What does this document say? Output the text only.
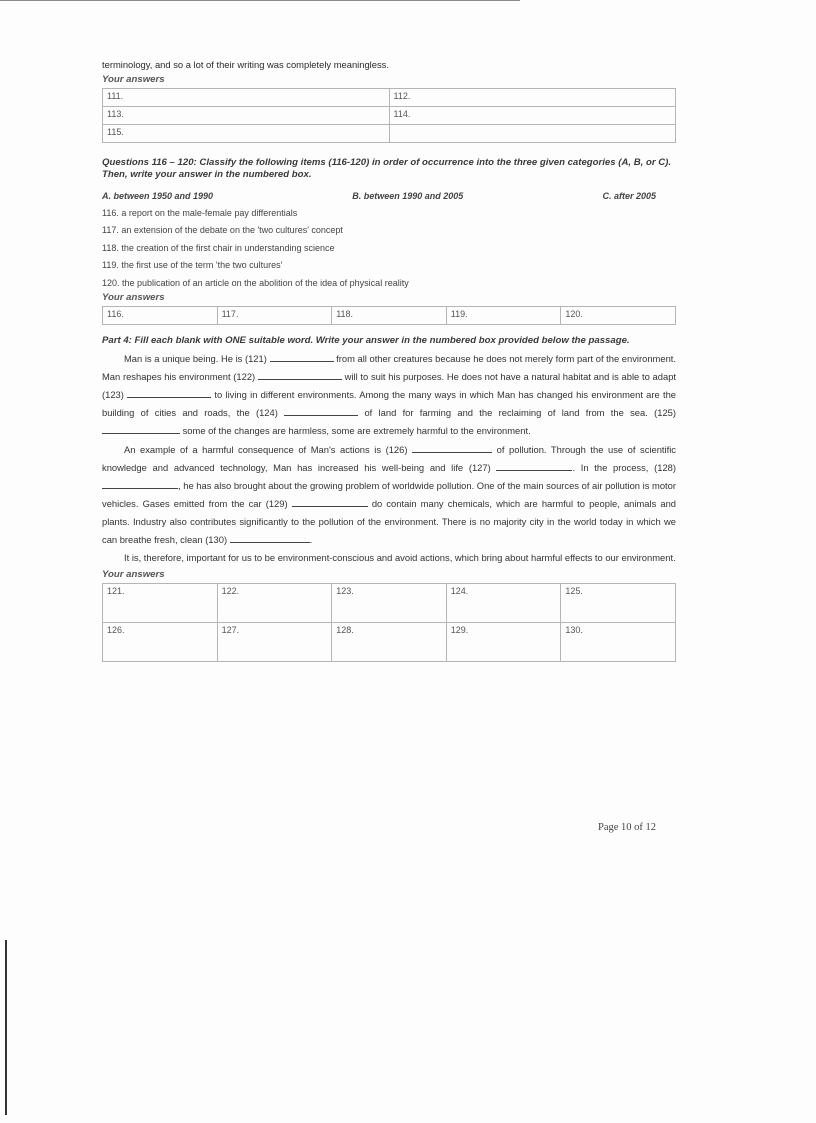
terminology, and so a lot of their writing was completely meaningless.
Your answers
111.	112.
113.	114.
115.	
Questions 116 – 120: Classify the following items (116-120) in order of occurrence into the three given categories (A, B, or C). Then, write your answer in the numbered box.
A. between 1950 and 1990	B. between 1990 and 2005	C. after 2005
116. a report on the male-female pay differentials
117. an extension of the debate on the 'two cultures' concept
118. the creation of the first chair in understanding science
119. the first use of the term 'the two cultures'
120. the publication of an article on the abolition of the idea of physical reality
Your answers
116.	117.	118.	119.	120.
Part 4: Fill each blank with ONE suitable word. Write your answer in the numbered box provided below the passage.
Man is a unique being. He is (121)	from all other creatures because he does not merely form part of the environment. Man reshapes his environment (122)	will to suit his purposes. He does not have a natural habitat and is able to adapt (123)	to living in different environments. Among the many ways in which Man has changed his environment are the building of cities and roads, the (124)	of land for farming and the reclaiming of land from the sea. (125)  some of the changes are harmless, some are extremely harmful to the environment.
An example of a harmful consequence of Man's actions is (126)	of pollution. Through the use of scientific knowledge and advanced technology, Man has increased his well-being and life (127)	. In the process, (128) , he has also brought about the growing problem of worldwide pollution. One of the main sources of air pollution is motor vehicles. Gases emitted from the car (129)	do contain many chemicals, which are harmful to people, animals and plants. Industry also contributes significantly to the pollution of the environment. There is no majority city in the world today in which we can breathe fresh, clean (130)	.
It is, therefore, important for us to be environment-conscious and avoid actions, which bring about harmful effects to our environment.
Your answers
121.	122.	123.	124.	125.
126.	127.	128.	129.	130.
Page 10 of 12
